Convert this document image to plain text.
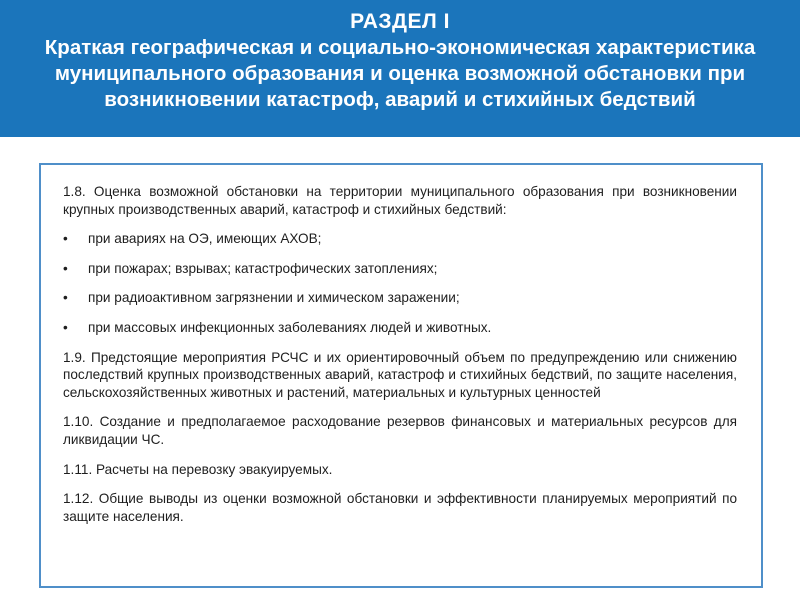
РАЗДЕЛ I
Краткая географическая и социально-экономическая характеристика
муниципального образования и оценка возможной обстановки при
возникновении катастроф, аварий и стихийных бедствий

1.8. Оценка возможной обстановки на территории муниципального образования при возникновении крупных производственных аварий, катастроф и стихийных бедствий:

• при авариях на ОЭ, имеющих АХОВ;
• при пожарах; взрывах; катастрофических затоплениях;
• при радиоактивном загрязнении и химическом заражении;
• при массовых инфекционных заболеваниях людей и животных.

1.9. Предстоящие мероприятия РСЧС и их ориентировочный объем по предупреждению или снижению последствий крупных производственных аварий, катастроф и стихийных бедствий, по защите населения, сельскохозяйственных животных и растений, материальных и культурных ценностей

1.10. Создание и предполагаемое расходование резервов финансовых и материальных ресурсов для ликвидации ЧС.

1.11. Расчеты на перевозку эвакуируемых.

1.12. Общие выводы из оценки возможной обстановки и эффективности планируемых мероприятий по защите населения.
